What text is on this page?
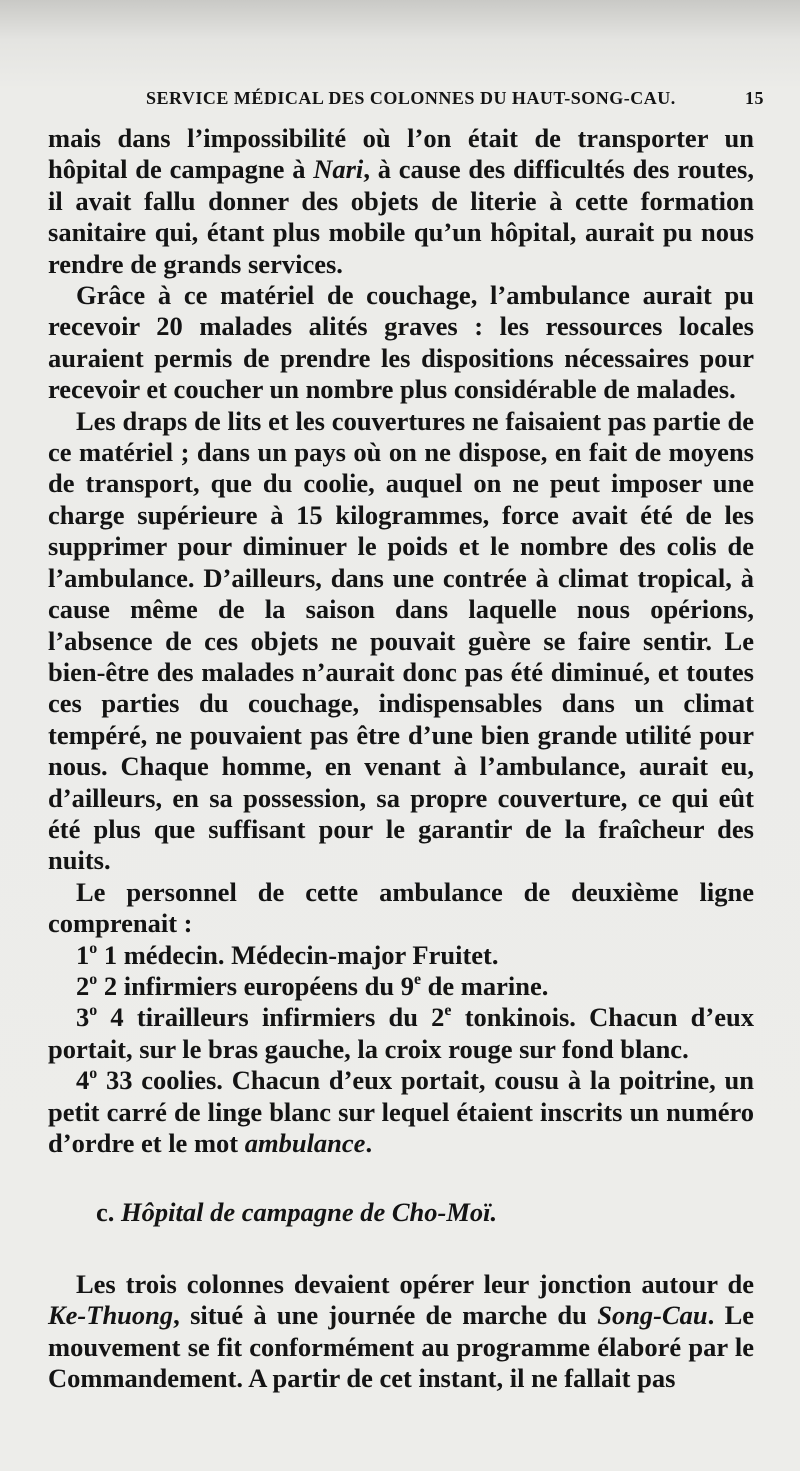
SERVICE MÉDICAL DES COLONNES DU HAUT-SONG-CAU.	15

mais dans l’impossibilité où l’on était de transporter un hôpital de campagne à Nari, à cause des difficultés des routes, il avait fallu donner des objets de literie à cette formation sanitaire qui, étant plus mobile qu’un hôpital, aurait pu nous rendre de grands services.

Grâce à ce matériel de couchage, l’ambulance aurait pu recevoir 20 malades alités graves : les ressources locales auraient permis de prendre les dispositions nécessaires pour recevoir et coucher un nombre plus considérable de malades.

Les draps de lits et les couvertures ne faisaient pas partie de ce matériel ; dans un pays où on ne dispose, en fait de moyens de transport, que du coolie, auquel on ne peut imposer une charge supérieure à 15 kilogrammes, force avait été de les supprimer pour diminuer le poids et le nombre des colis de l’ambulance. D’ailleurs, dans une contrée à climat tropical, à cause même de la saison dans laquelle nous opérions, l’absence de ces objets ne pouvait guère se faire sentir. Le bien-être des malades n’aurait donc pas été diminué, et toutes ces parties du couchage, indispensables dans un climat tempéré, ne pouvaient pas être d’une bien grande utilité pour nous. Chaque homme, en venant à l’ambulance, aurait eu, d’ailleurs, en sa possession, sa propre couverture, ce qui eût été plus que suffisant pour le garantir de la fraîcheur des nuits.

Le personnel de cette ambulance de deuxième ligne comprenait :

1$^o$ 1 médecin. Médecin-major Fruitet.

2$^o$ 2 infirmiers européens du 9e de marine.

3$^o$ 4 tirailleurs infirmiers du 2e tonkinois. Chacun d’eux portait, sur le bras gauche, la croix rouge sur fond blanc.

4$^o$ 33 coolies. Chacun d’eux portait, cousu à la poitrine, un petit carré de linge blanc sur lequel étaient inscrits un numéro d’ordre et le mot ambulance.

c. Hôpital de campagne de Cho-Moï.

Les trois colonnes devaient opérer leur jonction autour de Ke-Thuong, situé à une journée de marche du Song-Cau. Le mouvement se fit conformément au programme élaboré par le Commandement. A partir de cet instant, il ne fallait pas
